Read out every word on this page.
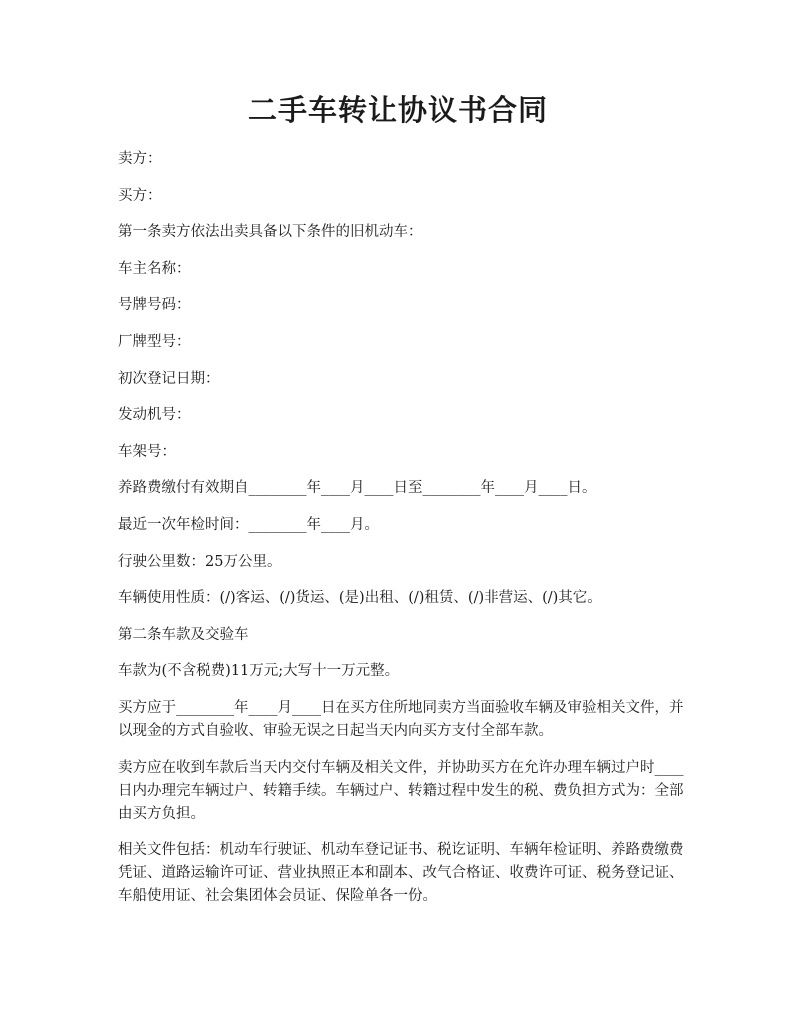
二手车转让协议书合同

卖方：

买方：

第一条卖方依法出卖具备以下条件的旧机动车：

车主名称：

号牌号码：

厂牌型号：

初次登记日期：

发动机号：

车架号：

养路费缴付有效期自________年____月____日至________年____月____日。

最近一次年检时间：________年____月。

行驶公里数：25万公里。

车辆使用性质：(/)客运、(/)货运、(是)出租、(/)租赁、(/)非营运、(/)其它。

第二条车款及交验车

车款为(不含税费)11万元;大写十一万元整。

买方应于________年____月____日在买方住所地同卖方当面验收车辆及审验相关文件，并以现金的方式自验收、审验无误之日起当天内向买方支付全部车款。

卖方应在收到车款后当天内交付车辆及相关文件，并协助买方在允许办理车辆过户时____日内办理完车辆过户、转籍手续。车辆过户、转籍过程中发生的税、费负担方式为：全部由买方负担。

相关文件包括：机动车行驶证、机动车登记证书、税讫证明、车辆年检证明、养路费缴费凭证、道路运输许可证、营业执照正本和副本、改气合格证、收费许可证、税务登记证、车船使用证、社会集团体会员证、保险单各一份。
